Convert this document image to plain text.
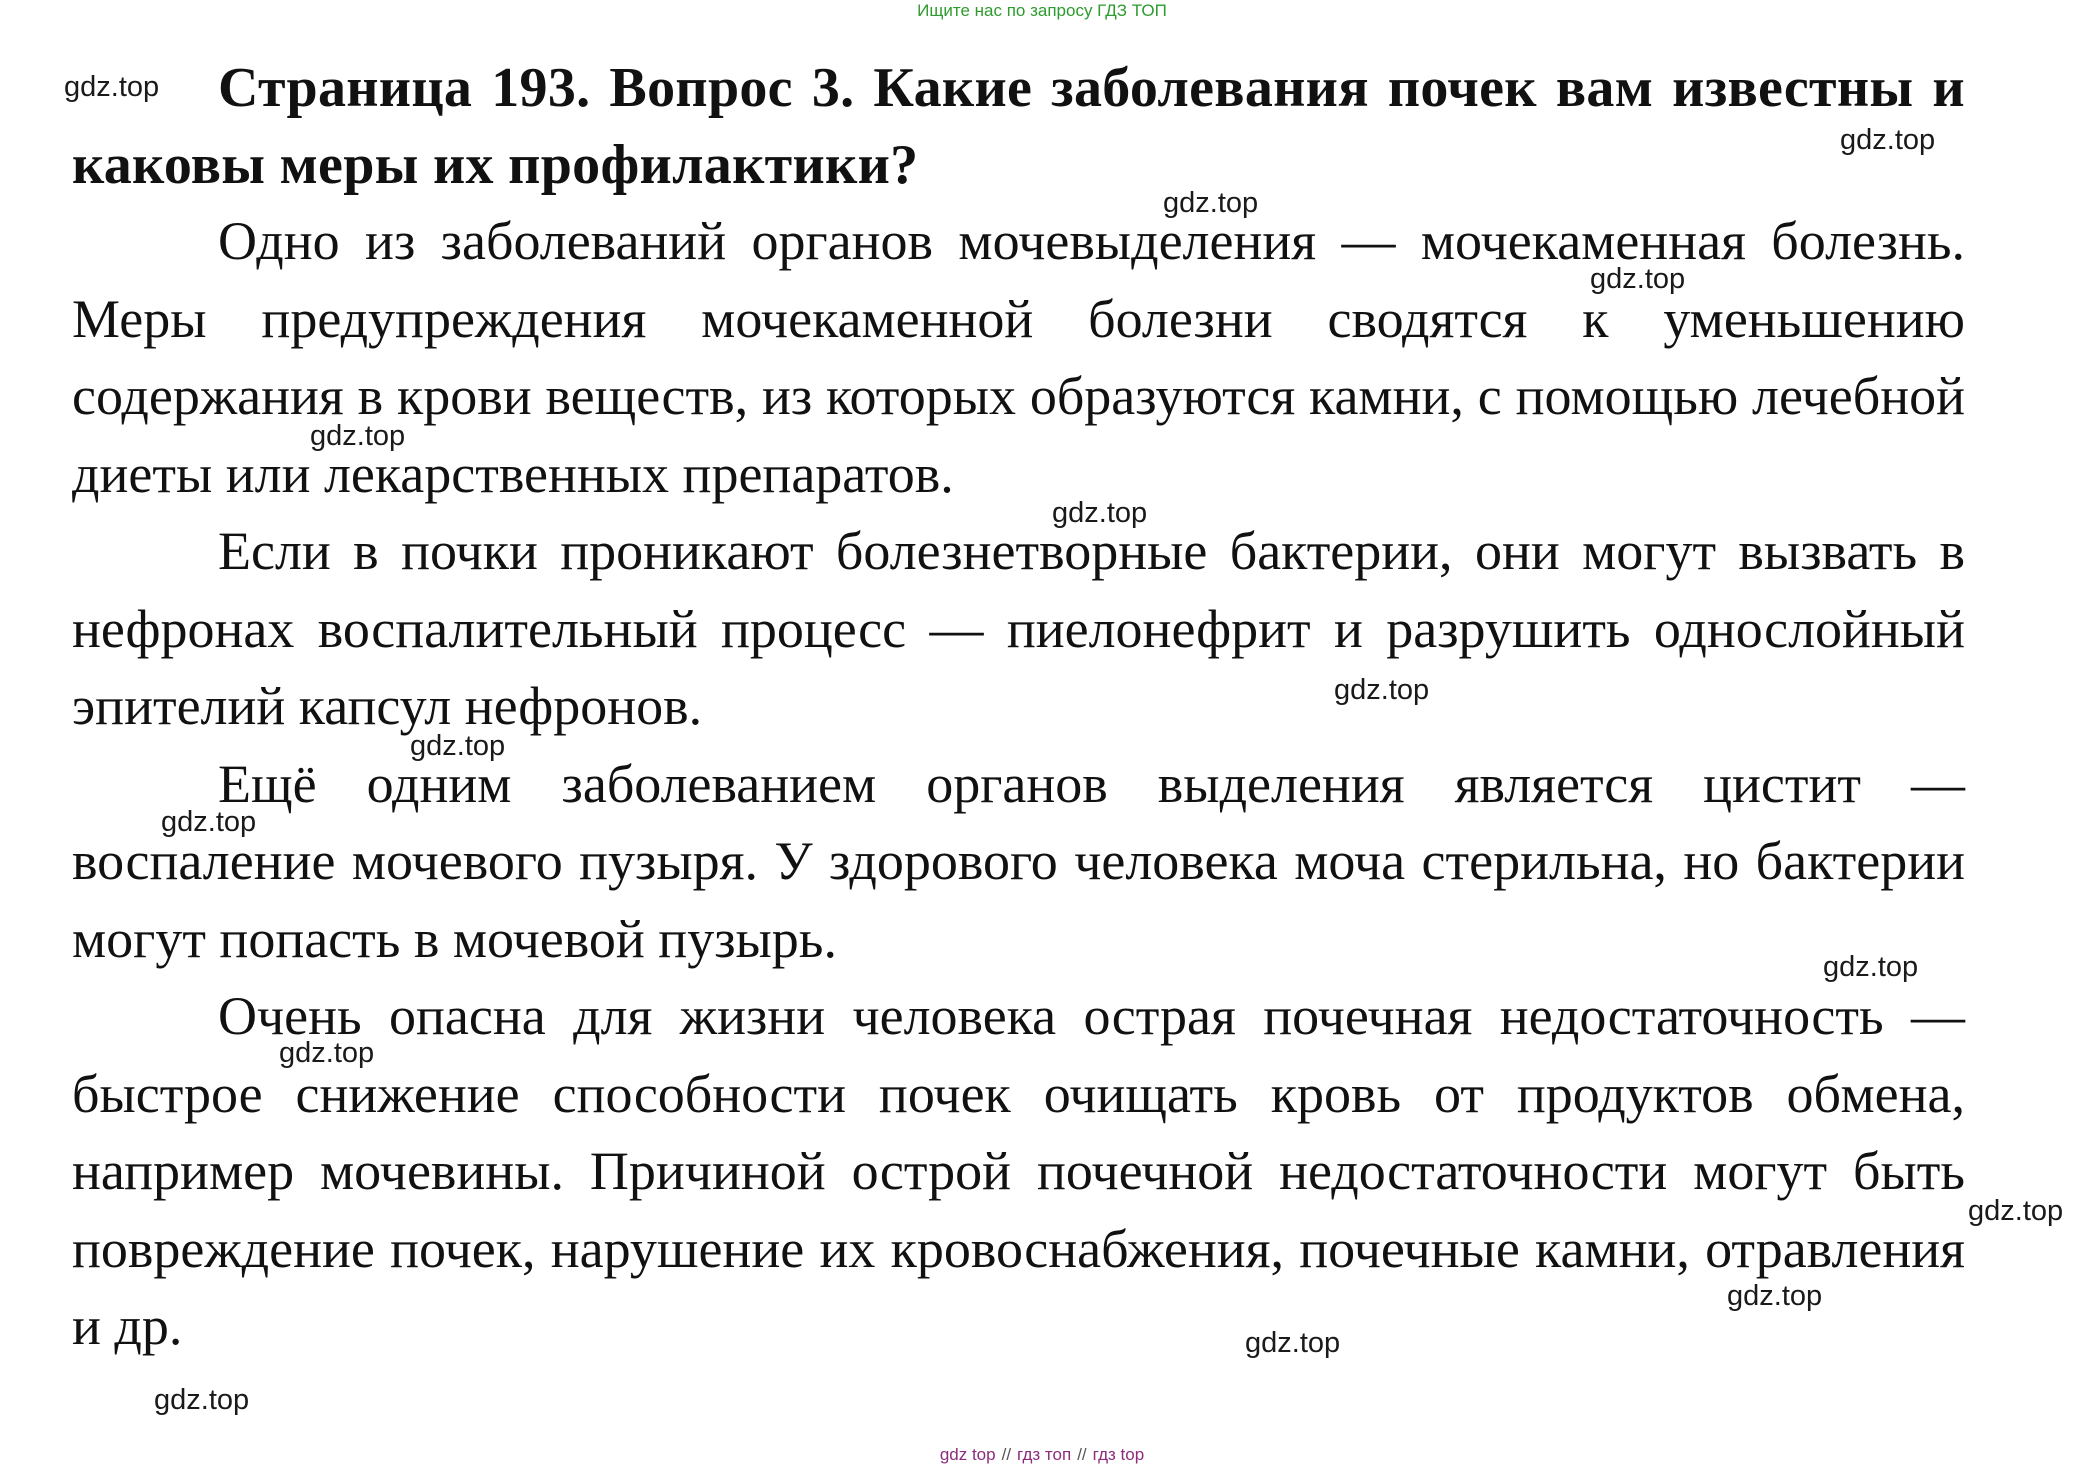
Ищите нас по запросу ГДЗ ТОП
Страница 193. Вопрос 3. Какие заболевания почек вам известны и каковы меры их профилактики?

Одно из заболеваний органов мочевыделения — мочекаменная болезнь. Меры предупреждения мочекаменной болезни сводятся к уменьшению содержания в крови веществ, из которых образуются камни, с помощью лечебной диеты или лекарственных препаратов.

Если в почки проникают болезнетворные бактерии, они могут вызвать в нефронах воспалительный процесс — пиелонефрит и разрушить однослойный эпителий капсул нефронов.

Ещё одним заболеванием органов выделения является цистит — воспаление мочевого пузыря. У здорового человека моча стерильна, но бактерии могут попасть в мочевой пузырь.

Очень опасна для жизни человека острая почечная недостаточность — быстрое снижение способности почек очищать кровь от продуктов обмена, например мочевины. Причиной острой почечной недостаточности могут быть повреждение почек, нарушение их кровоснабжения, почечные камни, отравления и др.

gdz.top
gdz.top
gdz.top
gdz.top
gdz.top
gdz.top
gdz.top
gdz.top
gdz.top
gdz.top
gdz.top
gdz.top
gdz.top
gdz.top
gdz.top
gdz top // гдз топ // гдз top
